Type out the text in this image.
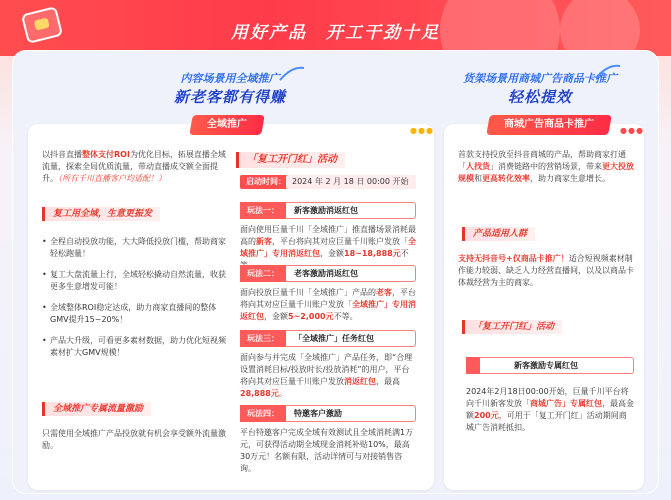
用好产品　开工干劲十足
内容场景用全域推广
新老客都有得赚
货架场景用商城广告商品卡推广
轻松提效
全域推广
●●●
以抖音直播整体支付ROI为优化目标，拓展直播全域流量，探索全局优质流量，带动直播成交额全面提升。（所有千川直播客户均适配！）
复工用全域，生意更振发
• 全程自动投放功能，大大降低投放门槛，帮助商家轻松跑量！
• 复工大盘流量上行，全域轻松撬动自然流量，收获更多生意增发可能！
• 全域整体ROI稳定达成，助力商家直播间的整体GMV提升15~20%！
• 产品大升级，可看更多素材数据，助力优化短视频素材扩大GMV规模！
全域推广专属流量激励
只需使用全域推广产品投放就有机会享受额外流量激励。
「复工开门红」活动
启动时间： 2024 年 2 月 18 日 00:00 开始
玩法一：	新客激励消返红包
面向使用巨量千川「全域推广」推直播场景消耗最高的新客，平台将向其对应巨量千川账户发放「全域推广」专用消返红包，金额18~18,888元不
玩法二：	老客激励消返红包
面向投放巨量千川「全域推广」产品的老客，平台将向其对应巨量千川账户发放「全域推广」专用消返红包，金额5~2,000元不等。
玩法三：	「全域推广」任务红包
面向参与并完成「全域推广」产品任务，即“合理设置消耗目标/投放时长/投放消耗”的用户，平台将向其对应巨量千川账户发放消返红包，最高28,888元。
玩法四：	特邀客户激励
平台特邀客户完成全域有效测试且全域消耗满1万元，可获得活动期全域现金消耗补贴10%，最高30万元！名额有限，活动详情可与对接销售咨询。
商城广告商品卡推广
●●●
首款支持投放至抖音商城的产品，帮助商家打通「人找货」消费链路中的营销场景，带来更大投放规模和更高转化效率，助力商家生意增长。
产品适用人群
支持无抖音号+仅商品卡推广！适合短视频素材制作能力较弱、缺乏人力经营直播间，以及以商品卡体裁经营为主的商家。
「复工开门红」活动
新客激励专属红包
2024年2月18日00:00开始，巨量千川平台将向千川新客发放「商城广告」专属红包，最高金额200元，可用于「复工开门红」活动期间商城广告消耗抵扣。
